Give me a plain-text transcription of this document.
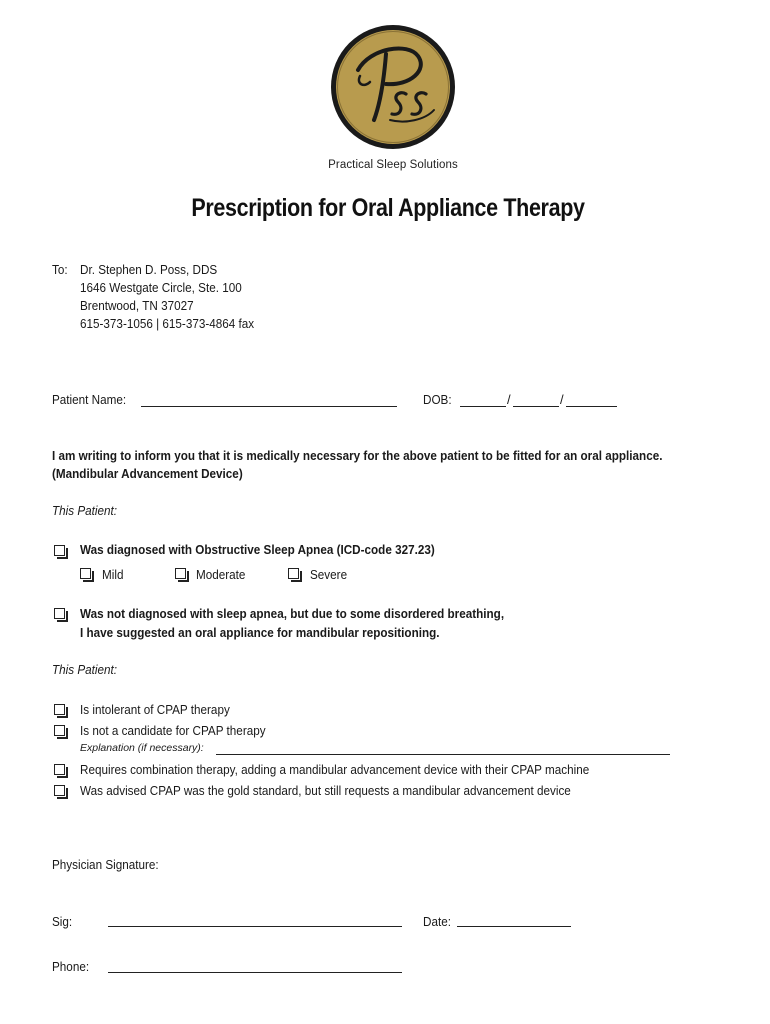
Practical Sleep Solutions
Prescription for Oral Appliance Therapy
To: Dr. Stephen D. Poss, DDS
1646 Westgate Circle, Ste. 100
Brentwood, TN 37027
615-373-1056 | 615-373-4864 fax
Patient Name:	DOB:	/	/
I am writing to inform you that it is medically necessary for the above patient to be fitted for an oral appliance.
(Mandibular Advancement Device)
This Patient:
Was diagnosed with Obstructive Sleep Apnea (ICD-code 327.23)
Mild	Moderate	Severe
Was not diagnosed with sleep apnea, but due to some disordered breathing,
I have suggested an oral appliance for mandibular repositioning.
This Patient:
Is intolerant of CPAP therapy
Is not a candidate for CPAP therapy
Explanation (if necessary):
Requires combination therapy, adding a mandibular advancement device with their CPAP machine
Was advised CPAP was the gold standard, but still requests a mandibular advancement device
Physician Signature:
Sig:	Date:
Phone:
